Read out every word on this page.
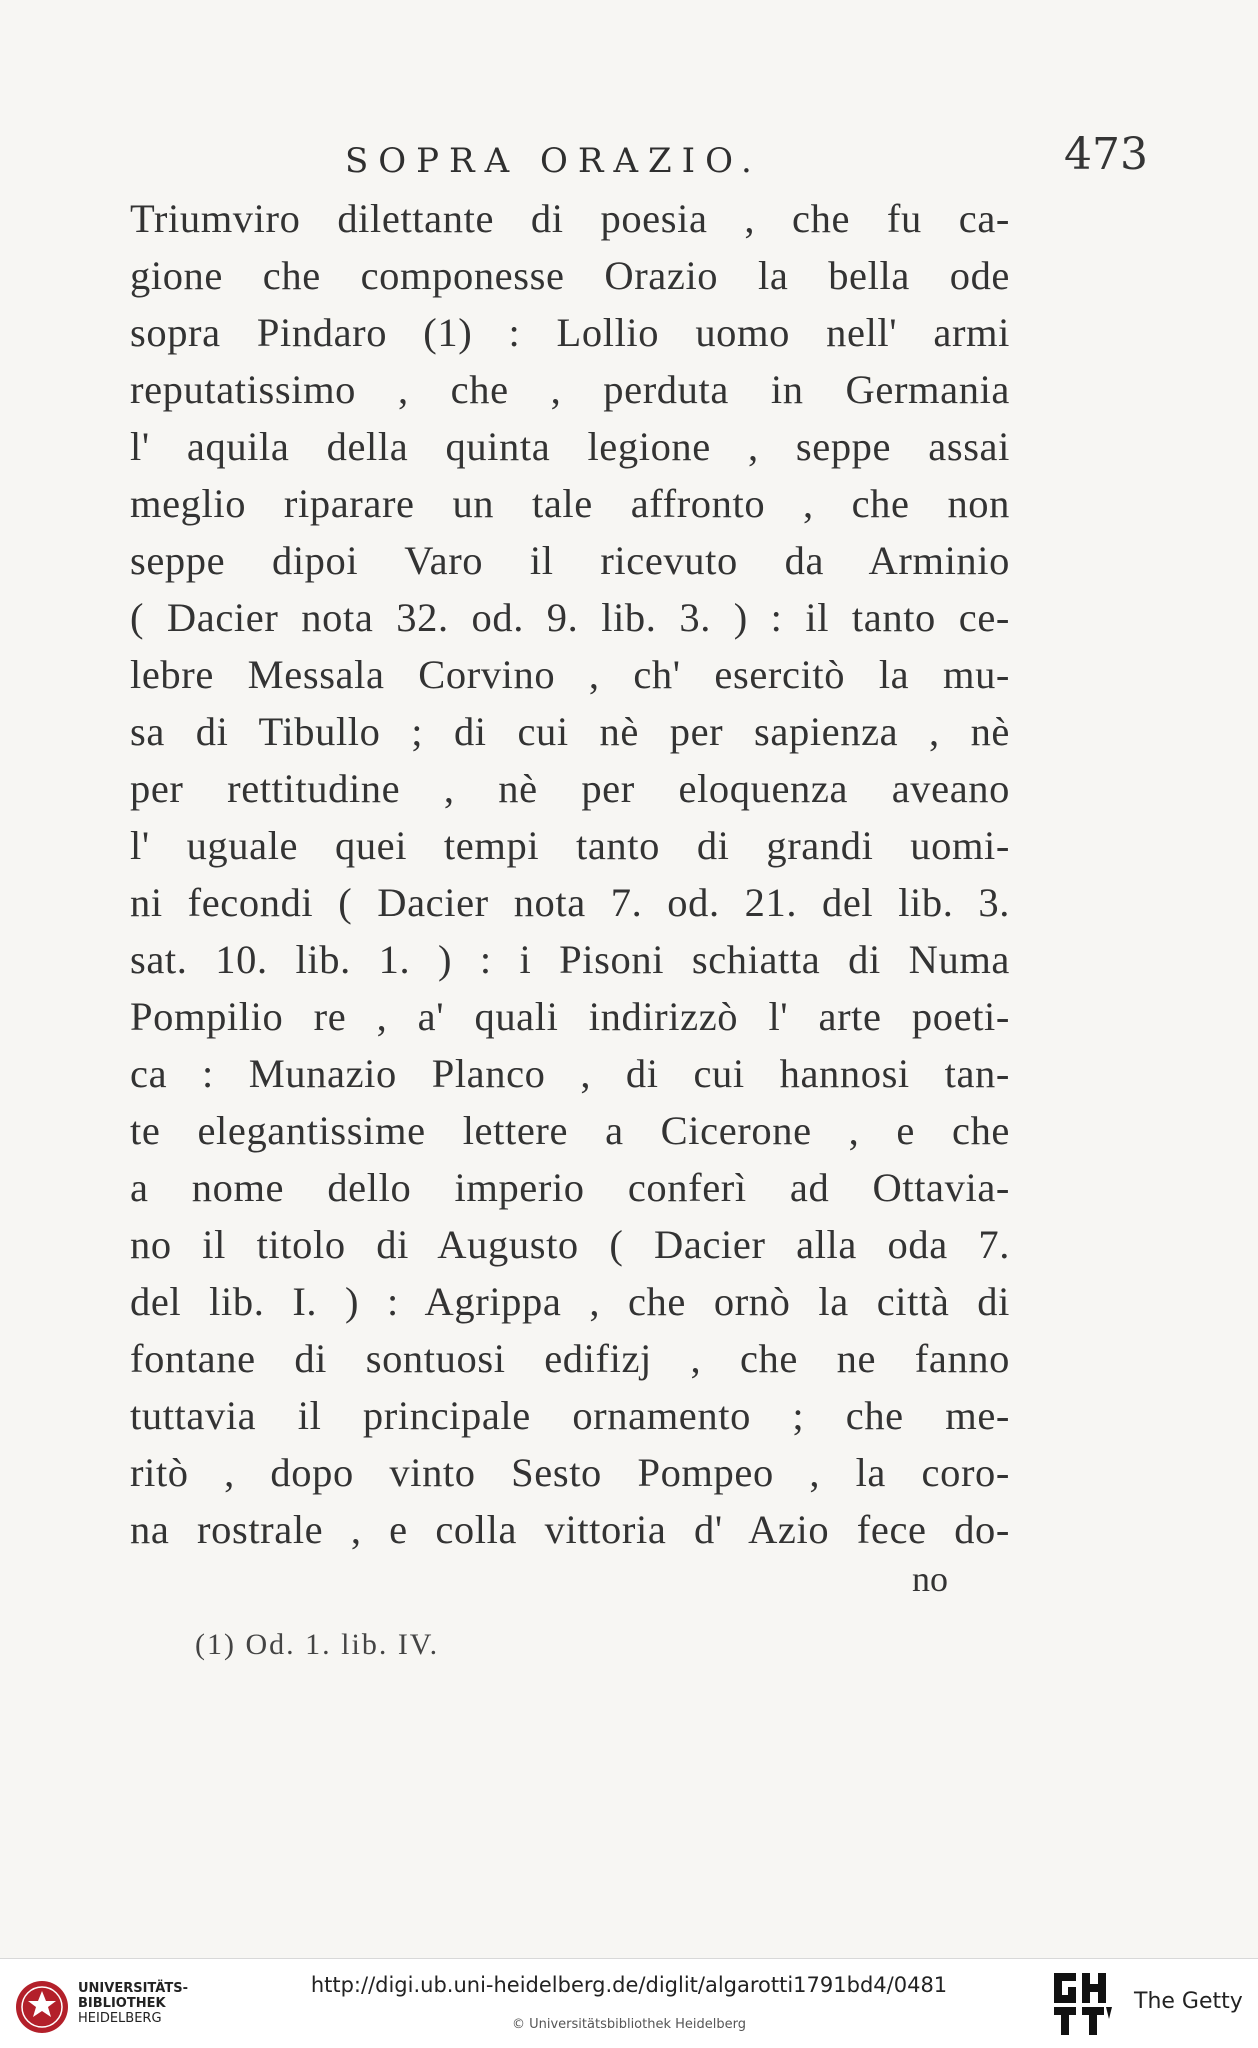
SOPRA ORAZIO.	473
Triumviro dilettante di poesia , che fu ca-
gione che componesse Orazio la bella ode
sopra Pindaro (1) : Lollio uomo nell' armi
reputatissimo , che , perduta in Germania
l' aquila della quinta legione , seppe assai
meglio riparare un tale affronto , che non
seppe dipoi Varo il ricevuto da Arminio
( Dacier nota 32. od. 9. lib. 3. ) : il tanto ce-
lebre Messala Corvino , ch' esercitò la mu-
sa di Tibullo ; di cui nè per sapienza , nè
per rettitudine , nè per eloquenza aveano
l' uguale quei tempi tanto di grandi uomi-
ni fecondi ( Dacier nota 7. od. 21. del lib. 3.
sat. 10. lib. 1. ) : i Pisoni schiatta di Numa
Pompilio re , a' quali indirizzò l' arte poeti-
ca : Munazio Planco , di cui hannosi tan-
te elegantissime lettere a Cicerone , e che
a nome dello imperio conferì ad Ottavia-
no il titolo di Augusto ( Dacier alla oda 7.
del lib. I. ) : Agrippa , che ornò la città di
fontane di sontuosi edifizj , che ne fanno
tuttavia il principale ornamento ; che me-
ritò , dopo vinto Sesto Pompeo , la coro-
na rostrale , e colla vittoria d' Azio fece do-
no
(1) Od. 1. lib. IV.
UNIVERSITÄTS-
BIBLIOTHEK
HEIDELBERG
http://digi.ub.uni-heidelberg.de/diglit/algarotti1791bd4/0481
© Universitätsbibliothek Heidelberg
The Getty
